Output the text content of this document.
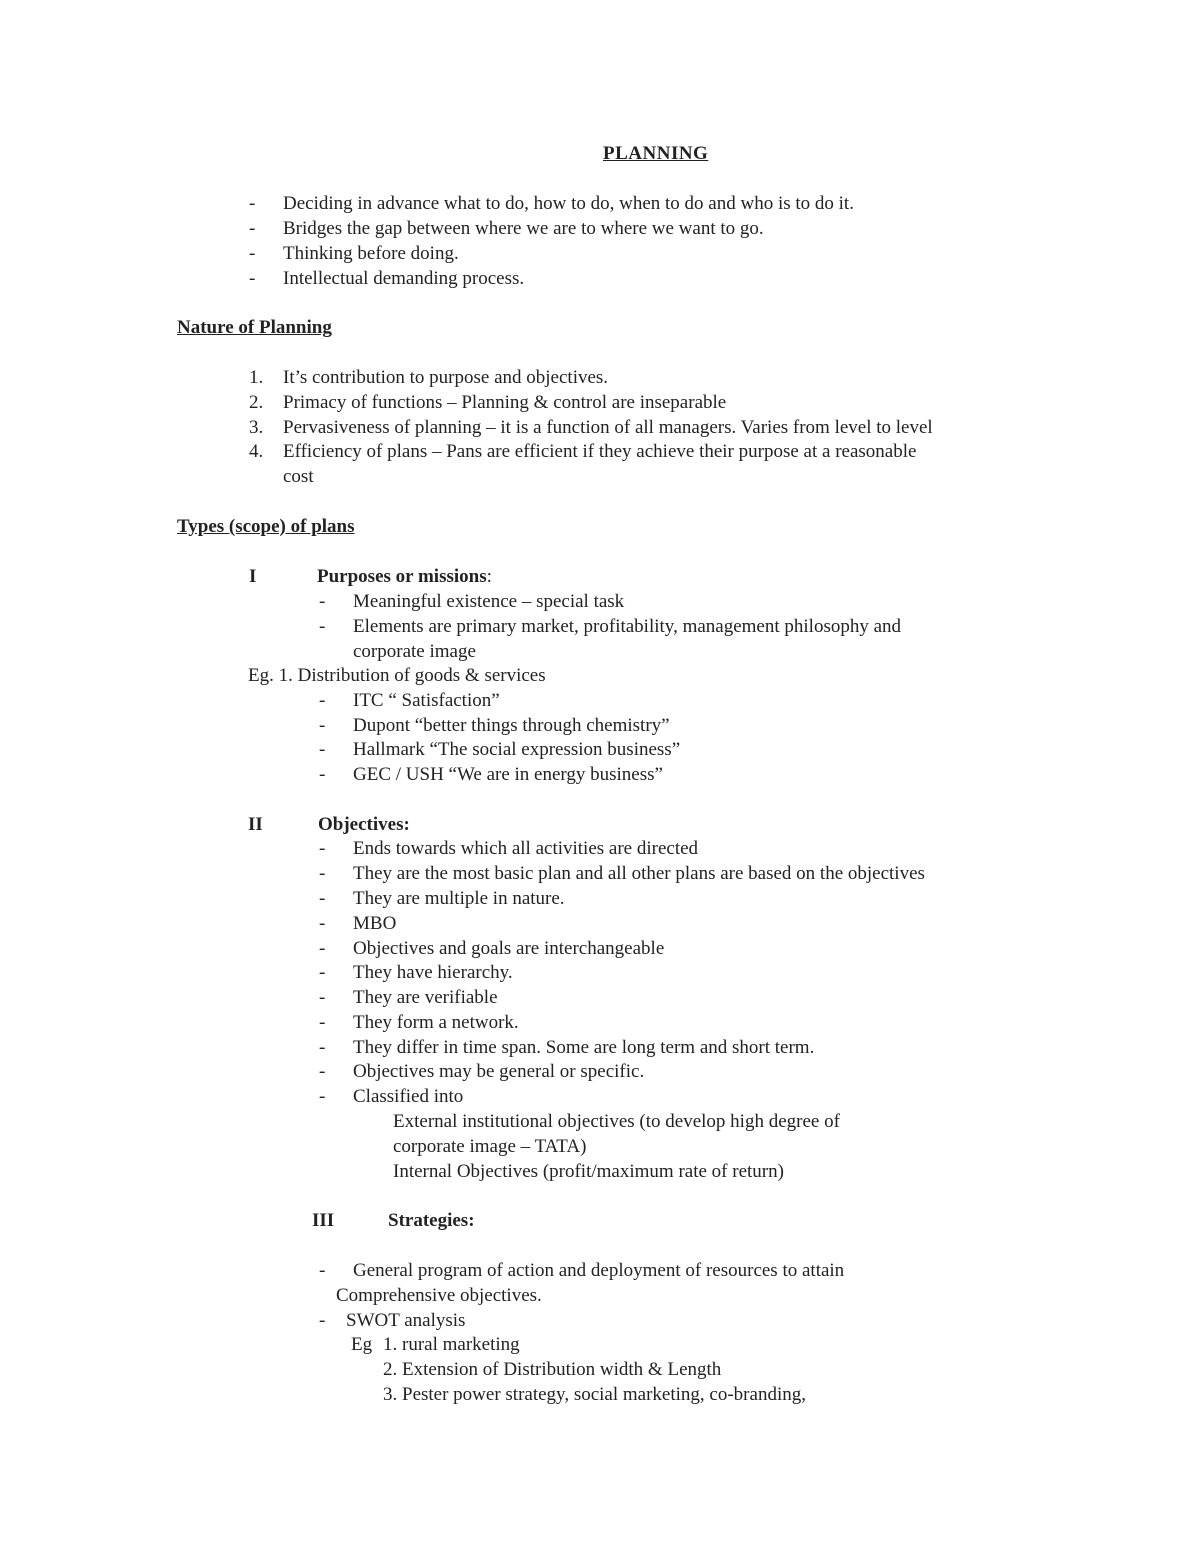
PLANNING
- Deciding in advance what to do, how to do, when to do and who is to do it.
- Bridges the gap between where we are to where we want to go.
- Thinking before doing.
- Intellectual demanding process.
Nature of Planning
1. It’s contribution to purpose and objectives.
2. Primacy of functions – Planning & control are inseparable
3. Pervasiveness of planning – it is a function of all managers. Varies from level to level
4. Efficiency of plans – Pans are efficient if they achieve their purpose at a reasonable
cost
Types (scope) of plans
I	Purposes or missions:
- Meaningful existence – special task
- Elements are primary market, profitability, management philosophy and
corporate image
Eg. 1. Distribution of goods & services
- ITC “ Satisfaction”
- Dupont “better things through chemistry”
- Hallmark “The social expression business”
- GEC / USH “We are in energy business”
II	Objectives:
- Ends towards which all activities are directed
- They are the most basic plan and all other plans are based on the objectives
- They are multiple in nature.
- MBO
- Objectives and goals are interchangeable
- They have hierarchy.
- They are verifiable
- They form a network.
- They differ in time span. Some are long term and short term.
- Objectives may be general or specific.
- Classified into
External institutional objectives (to develop high degree of
corporate image – TATA)
Internal Objectives (profit/maximum rate of return)
III	Strategies:
- General program of action and deployment of resources to attain
Comprehensive objectives.
- SWOT analysis
Eg 1. rural marketing
2. Extension of Distribution width & Length
3. Pester power strategy, social marketing, co-branding,
